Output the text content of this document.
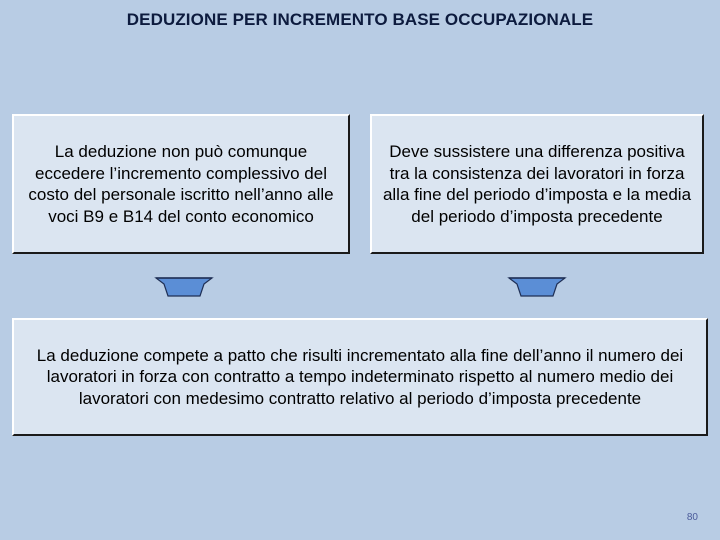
DEDUZIONE PER INCREMENTO BASE OCCUPAZIONALE
La deduzione non può comunque eccedere l’incremento complessivo del costo del personale iscritto nell’anno alle voci B9 e B14 del conto economico
Deve sussistere una differenza positiva tra la consistenza dei lavoratori in forza alla fine del periodo d’imposta e la media del periodo d’imposta precedente
La deduzione compete a patto che risulti incrementato alla fine dell’anno il numero dei lavoratori in forza con contratto a tempo indeterminato rispetto al numero medio dei lavoratori con medesimo contratto relativo al periodo d’imposta precedente
80
